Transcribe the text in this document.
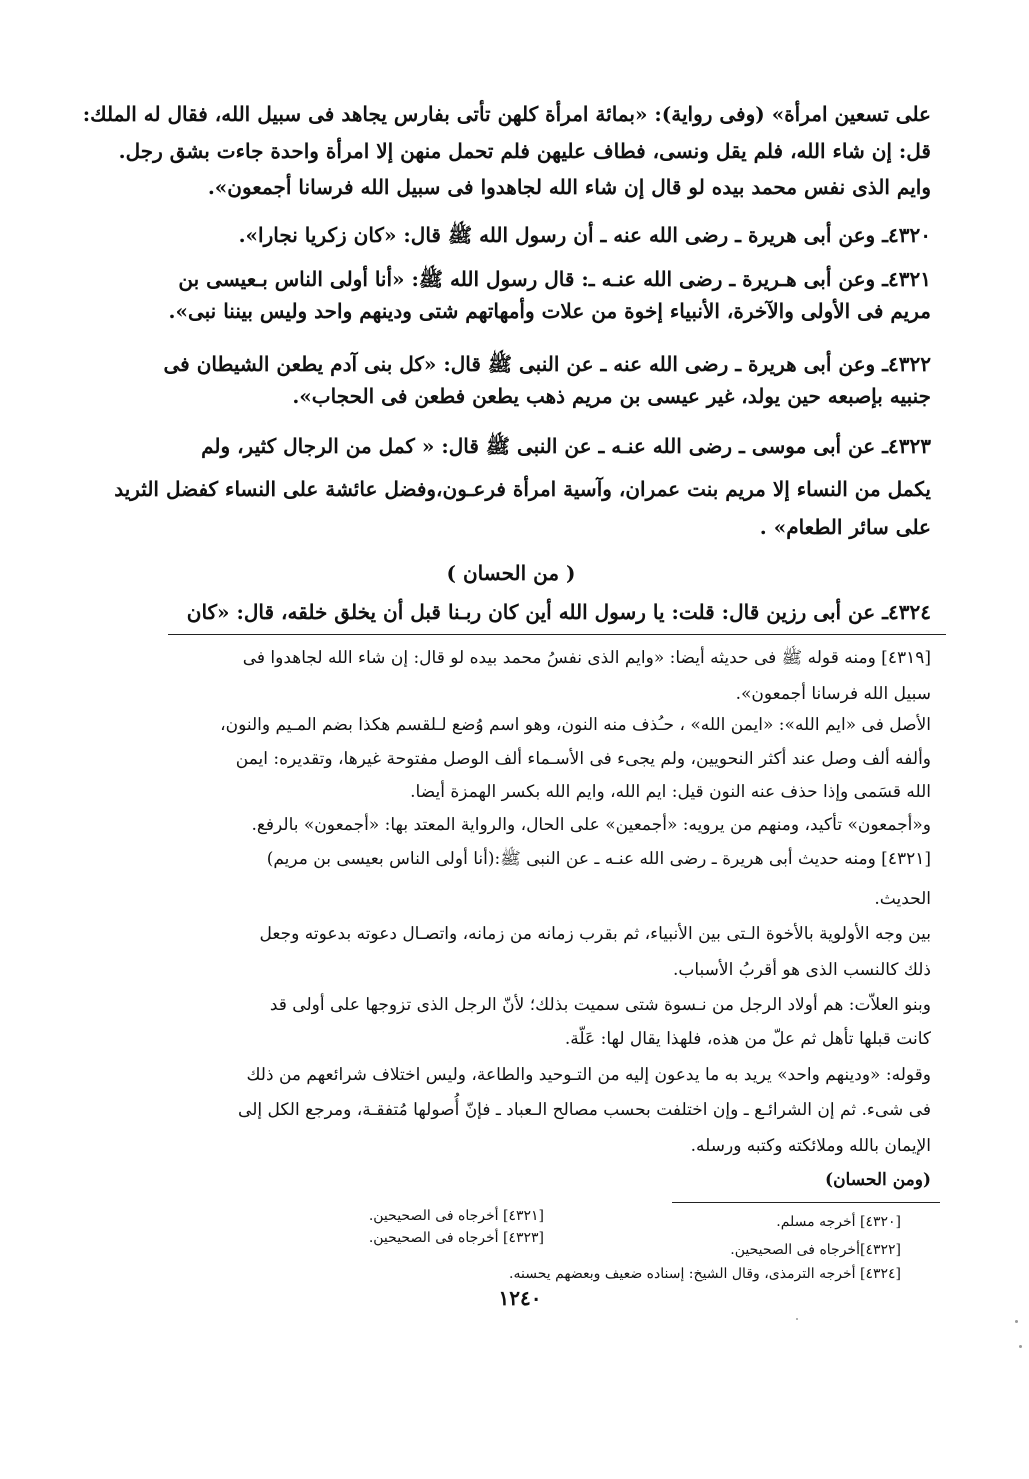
على تسعين امرأة» (وفى رواية): «بمائة امرأة كلهن تأتى بفارس يجاهد فى سبيل الله، فقال له الملك:
قل: إن شاء الله، فلم يقل ونسى، فطاف عليهن فلم تحمل منهن إلا امرأة واحدة جاءت بشق رجل.
وايم الذى نفس محمد بيده لو قال إن شاء الله لجاهدوا فى سبيل الله فرسانا أجمعون».
٤٣٢٠ـ وعن أبى هريرة ـ رضى الله عنه ـ أن رسول الله ﷺ قال: «كان زكريا نجارا».
٤٣٢١ـ وعن أبى هـريرة ـ رضى الله عنـه ـ: قال رسول الله ﷺ: «أنا أولى الناس بـعيسى بن
مريم فى الأولى والآخرة، الأنبياء إخوة من علات وأمهاتهم شتى ودينهم واحد وليس بيننا نبى».
٤٣٢٢ـ وعن أبى هريرة ـ رضى الله عنه ـ عن النبى ﷺ قال: «كل بنى آدم يطعن الشيطان فى
جنبيه بإصبعه حين يولد، غير عيسى بن مريم ذهب يطعن فطعن فى الحجاب».
٤٣٢٣ـ عن أبى موسى ـ رضى الله عنـه ـ عن النبى ﷺ قال: « كمل من الرجال كثير، ولم
يكمل من النساء إلا مريم بنت عمران، وآسية امرأة فرعـون،وفضل عائشة على النساء كفضل الثريد
على سائر الطعام» .
( من الحسان )
٤٣٢٤ـ عن أبى رزين قال: قلت: يا رسول الله أين كان ربـنا قبل أن يخلق خلقه، قال: «كان
[٤٣١٩] ومنه قوله ﷺ فى حديثه أيضا: «وايم الذى نفسُ محمد بيده لو قال: إن شاء الله لجاهدوا فى
سبيل الله فرسانا أجمعون».
الأصل فى «ايم الله»: «ايمن الله» ، حـُذف منه النون، وهو اسم وُضع لـلقسم هكذا بضم المـيم والنون،
وألفه ألف وصل عند أكثر النحويين، ولم يجىء فى الأسـماء ألف الوصل مفتوحة غيرها، وتقديره: ايمن
الله قسَمى وإذا حذف عنه النون قيل: ايم الله، وايم الله بكسر الهمزة أيضا.
و«أجمعون» تأكيد، ومنهم من يرويه: «أجمعين» على الحال، والرواية المعتد بها: «أجمعون» بالرفع.
[٤٣٢١] ومنه حديث أبى هريرة ـ رضى الله عنـه ـ عن النبى ﷺ:(أنا أولى الناس بعيسى بن مريم)
الحديث.
بين وجه الأولوية بالأخوة الـتى بين الأنبياء، ثم بقرب زمانه من زمانه، واتصـال دعوته بدعوته وجعل
ذلك كالنسب الذى هو أقربُ الأسباب.
وبنو العلاّت: هم أولاد الرجل من نـسوة شتى سميت بذلك؛ لأنّ الرجل الذى تزوجها على أولى قد
كانت قبلها تأهل ثم علّ من هذه، فلهذا يقال لها: عَلّة.
وقوله: «ودينهم واحد» يريد به ما يدعون إليه من التـوحيد والطاعة، وليس اختلاف شرائعهم من ذلك
فى شىء. ثم إن الشرائـع ـ وإن اختلفت بحسب مصالح الـعباد ـ فإنّ أُصولها مُتفقـة، ومرجع الكل إلى
الإيمان بالله وملائكته وكتبه ورسله.
(ومن الحسان)
[٤٣٢٠] أخرجه مسلم.
[٤٣٢١] أخرجاه فى الصحيحين.
[٤٣٢٢]أخرجاه فى الصحيحين.
[٤٣٢٣] أخرجاه فى الصحيحين.
[٤٣٢٤] أخرجه الترمذى، وقال الشيخ: إسناده ضعيف وبعضهم يحسنه.
١٢٤٠
